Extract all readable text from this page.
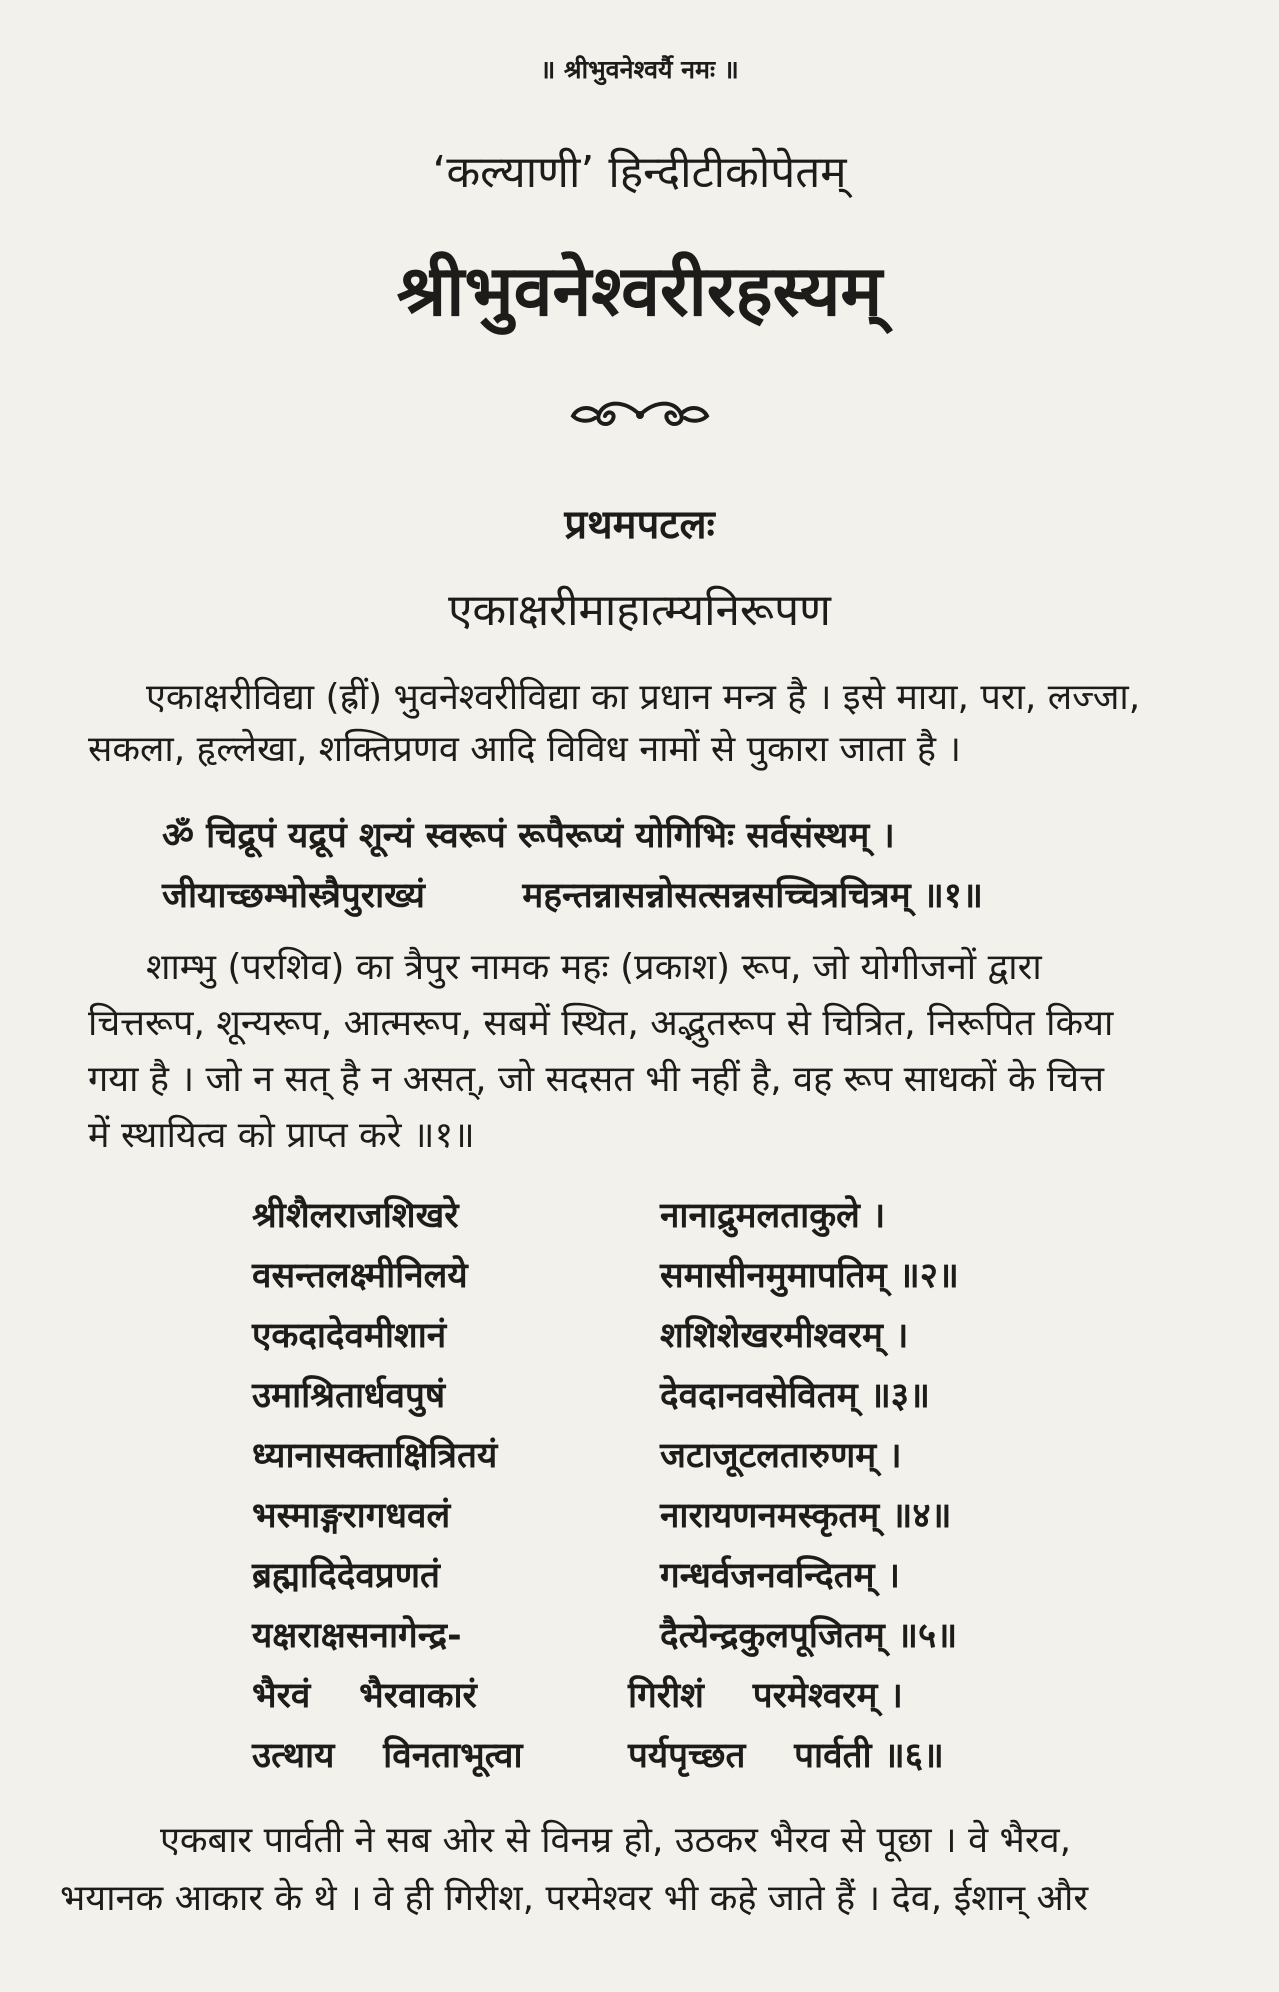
॥ श्रीभुवनेश्वर्यै नमः ॥
‘कल्याणी’ हिन्दीटीकोपेतम्
श्रीभुवनेश्वरीरहस्यम्
प्रथमपटलः
एकाक्षरीमाहात्म्यनिरूपण
एकाक्षरीविद्या (ह्रीं) भुवनेश्वरीविद्या का प्रधान मन्त्र है । इसे माया, परा, लज्जा,
सकला, हृल्लेखा, शक्तिप्रणव आदि विविध नामों से पुकारा जाता है ।
ॐ चिद्रूपं यद्रूपं शून्यं स्वरूपं रूपैरूप्यं योगिभिः सर्वसंस्थम् ।
जीयाच्छम्भोस्त्रैपुराख्यं        महन्तन्नासन्नोसत्सन्नसच्चित्रचित्रम् ॥१॥
शाम्भु (परशिव) का त्रैपुर नामक महः (प्रकाश) रूप, जो योगीजनों द्वारा
चित्तरूप, शून्यरूप, आत्मरूप, सबमें स्थित, अद्भुतरूप से चित्रित, निरूपित किया
गया है । जो न सत् है न असत्, जो सदसत भी नहीं है, वह रूप साधकों के चित्त
में स्थायित्व को प्राप्त करे ॥१॥
श्रीशैलराजशिखरे	नानाद्रुमलताकुले ।
वसन्तलक्ष्मीनिलये	समासीनमुमापतिम् ॥२॥
एकदादेवमीशानं	शशिशेखरमीश्वरम् ।
उमाश्रितार्धवपुषं	देवदानवसेवितम् ॥३॥
ध्यानासक्ताक्षित्रितयं	जटाजूटलतारुणम् ।
भस्माङ्गरागधवलं	नारायणनमस्कृतम् ॥४॥
ब्रह्मादिदेवप्रणतं	गन्धर्वजनवन्दितम् ।
यक्षराक्षसनागेन्द्र-	दैत्येन्द्रकुलपूजितम् ॥५॥
भैरवं    भैरवाकारं	गिरीशं    परमेश्वरम् ।
उत्थाय    विनताभूत्वा	पर्यपृच्छत    पार्वती ॥६॥
एकबार पार्वती ने सब ओर से विनम्र हो, उठकर भैरव से पूछा । वे भैरव,
भयानक आकार के थे । वे ही गिरीश, परमेश्वर भी कहे जाते हैं । देव, ईशान् और
